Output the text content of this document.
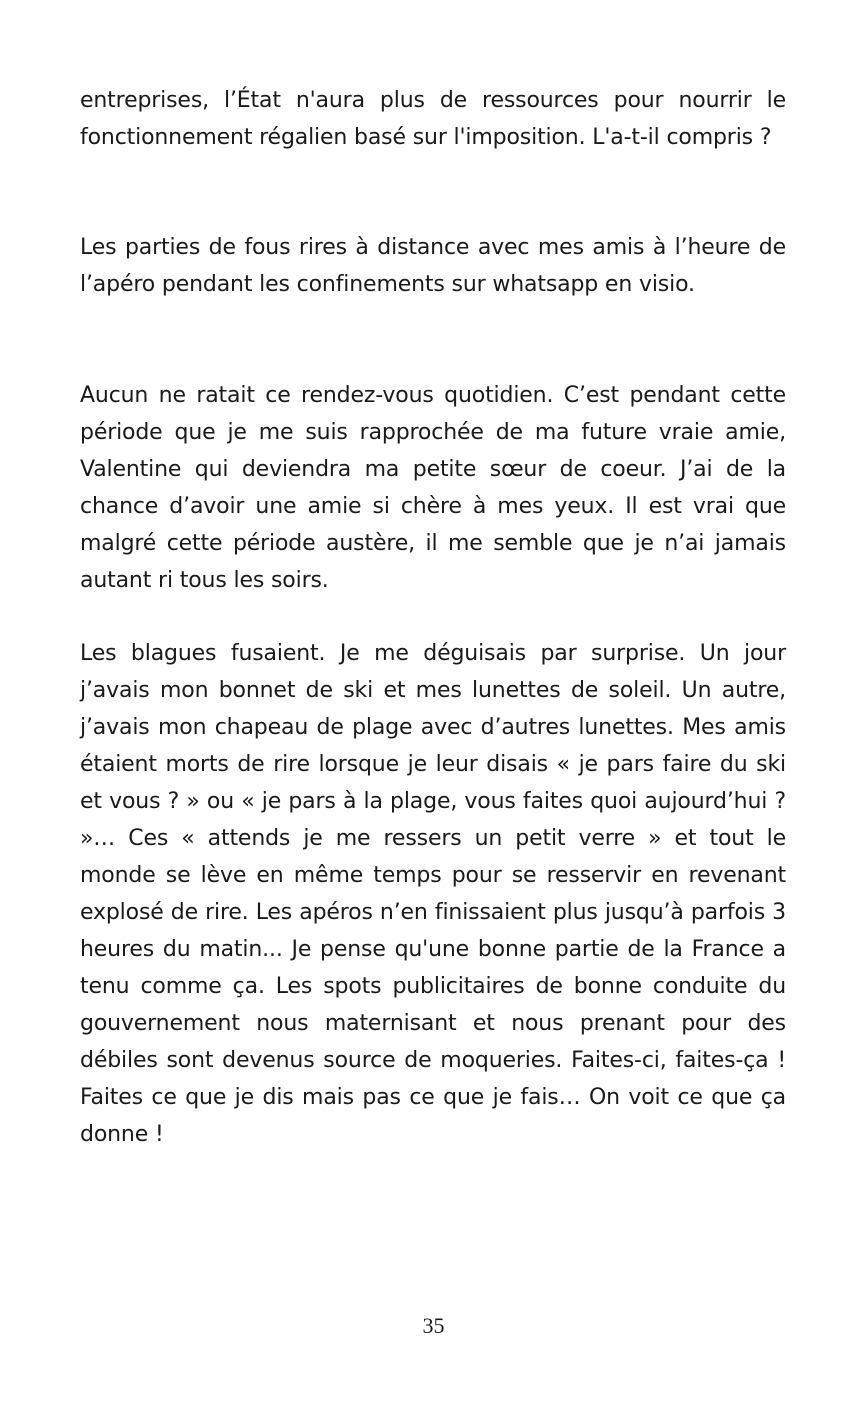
entreprises, l’État n'aura plus de ressources pour nourrir le fonctionnement régalien basé sur l'imposition. L'a-t-il compris ?

Les parties de fous rires à distance avec mes amis à l’heure de l’apéro pendant les confinements sur whatsapp en visio.

Aucun ne ratait ce rendez-vous quotidien. C’est pendant cette période que je me suis rapprochée de ma future vraie amie, Valentine qui deviendra ma petite sœur de coeur. J’ai de la chance d’avoir une amie si chère à mes yeux. Il est vrai que malgré cette période austère, il me semble que je n’ai jamais autant ri tous les soirs.

Les blagues fusaient. Je me déguisais par surprise. Un jour j’avais mon bonnet de ski et mes lunettes de soleil. Un autre, j’avais mon chapeau de plage avec d’autres lunettes. Mes amis étaient morts de rire lorsque je leur disais « je pars faire du ski et vous ? » ou « je pars à la plage, vous faites quoi aujourd’hui ? »… Ces « attends je me ressers un petit verre » et tout le monde se lève en même temps pour se resservir en revenant explosé de rire. Les apéros n’en finissaient plus jusqu’à parfois 3 heures du matin... Je pense qu'une bonne partie de la France a tenu comme ça. Les spots publicitaires de bonne conduite du gouvernement nous maternisant et nous prenant pour des débiles sont devenus source de moqueries. Faites-ci, faites-ça ! Faites ce que je dis mais pas ce que je fais… On voit ce que ça donne !

35
